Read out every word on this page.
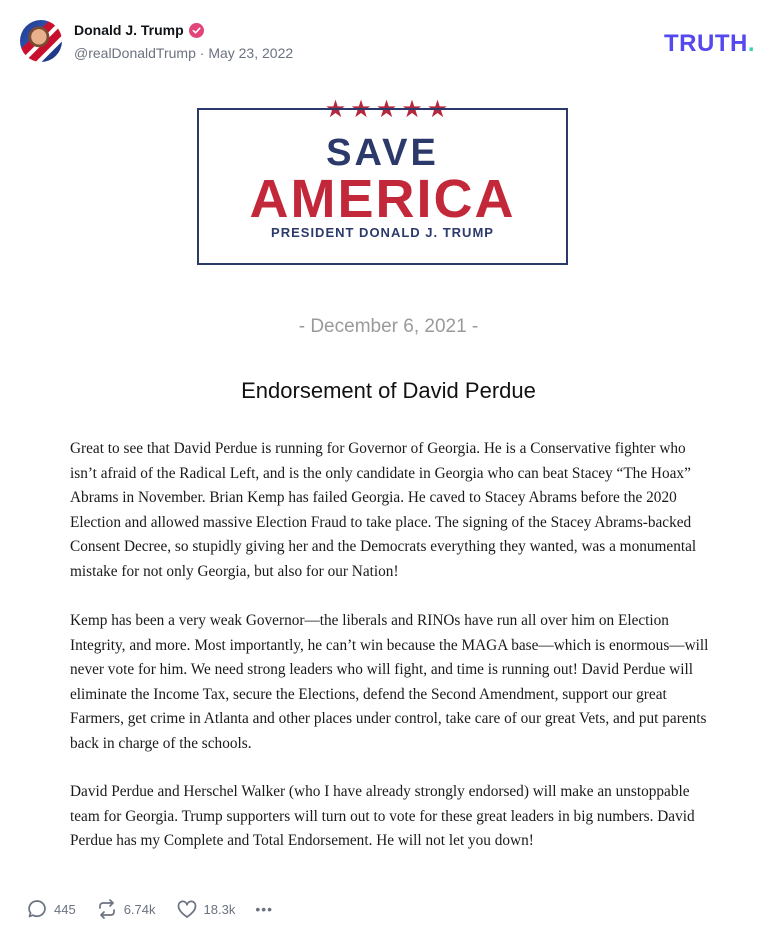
Donald J. Trump
@realDonaldTrump · May 23, 2022	TRUTH.
★★★★★
SAVE
AMERICA
PRESIDENT DONALD J. TRUMP
- December 6, 2021 -
Endorsement of David Perdue

Great to see that David Perdue is running for Governor of Georgia. He is a Conservative fighter who isn’t afraid of the Radical Left, and is the only candidate in Georgia who can beat Stacey “The Hoax” Abrams in November. Brian Kemp has failed Georgia. He caved to Stacey Abrams before the 2020 Election and allowed massive Election Fraud to take place. The signing of the Stacey Abrams-backed Consent Decree, so stupidly giving her and the Democrats everything they wanted, was a monumental mistake for not only Georgia, but also for our Nation!

Kemp has been a very weak Governor—the liberals and RINOs have run all over him on Election Integrity, and more. Most importantly, he can’t win because the MAGA base—which is enormous—will never vote for him. We need strong leaders who will fight, and time is running out! David Perdue will eliminate the Income Tax, secure the Elections, defend the Second Amendment, support our great Farmers, get crime in Atlanta and other places under control, take care of our great Vets, and put parents back in charge of the schools.

David Perdue and Herschel Walker (who I have already strongly endorsed) will make an unstoppable team for Georgia. Trump supporters will turn out to vote for these great leaders in big numbers. David Perdue has my Complete and Total Endorsement. He will not let you down!

445	6.74k	18.3k •••
